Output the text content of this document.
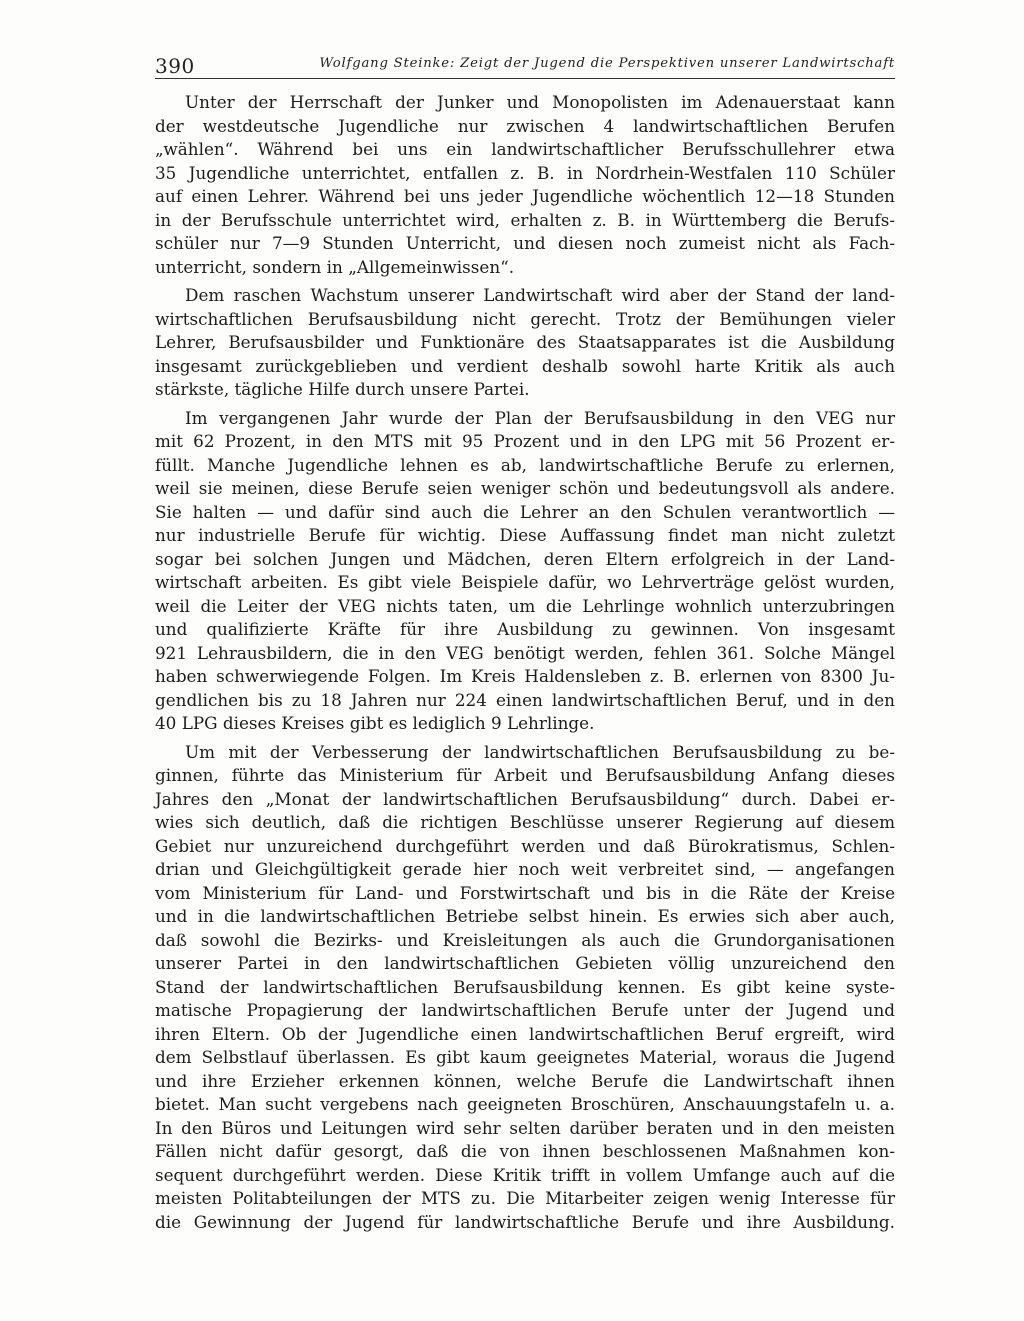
390	Wolfgang Steinke: Zeigt der Jugend die Perspektiven unserer Landwirtschaft
Unter der Herrschaft der Junker und Monopolisten im Adenauerstaat kann
der westdeutsche Jugendliche nur zwischen 4 landwirtschaftlichen Berufen
„wählen“. Während bei uns ein landwirtschaftlicher Berufsschullehrer etwa
35 Jugendliche unterrichtet, entfallen z. B. in Nordrhein-Westfalen 110 Schüler
auf einen Lehrer. Während bei uns jeder Jugendliche wöchentlich 12—18 Stunden
in der Berufsschule unterrichtet wird, erhalten z. B. in Württemberg die Berufs-
schüler nur 7—9 Stunden Unterricht, und diesen noch zumeist nicht als Fach-
unterricht, sondern in „Allgemeinwissen“.
Dem raschen Wachstum unserer Landwirtschaft wird aber der Stand der land-
wirtschaftlichen Berufsausbildung nicht gerecht. Trotz der Bemühungen vieler
Lehrer, Berufsausbilder und Funktionäre des Staatsapparates ist die Ausbildung
insgesamt zurückgeblieben und verdient deshalb sowohl harte Kritik als auch
stärkste, tägliche Hilfe durch unsere Partei.
Im vergangenen Jahr wurde der Plan der Berufsausbildung in den VEG nur
mit 62 Prozent, in den MTS mit 95 Prozent und in den LPG mit 56 Prozent er-
füllt. Manche Jugendliche lehnen es ab, landwirtschaftliche Berufe zu erlernen,
weil sie meinen, diese Berufe seien weniger schön und bedeutungsvoll als andere.
Sie halten — und dafür sind auch die Lehrer an den Schulen verantwortlich —
nur industrielle Berufe für wichtig. Diese Auffassung findet man nicht zuletzt
sogar bei solchen Jungen und Mädchen, deren Eltern erfolgreich in der Land-
wirtschaft arbeiten. Es gibt viele Beispiele dafür, wo Lehrverträge gelöst wurden,
weil die Leiter der VEG nichts taten, um die Lehrlinge wohnlich unterzubringen
und qualifizierte Kräfte für ihre Ausbildung zu gewinnen. Von insgesamt
921 Lehrausbildern, die in den VEG benötigt werden, fehlen 361. Solche Mängel
haben schwerwiegende Folgen. Im Kreis Haldensleben z. B. erlernen von 8300 Ju-
gendlichen bis zu 18 Jahren nur 224 einen landwirtschaftlichen Beruf, und in den
40 LPG dieses Kreises gibt es lediglich 9 Lehrlinge.
Um mit der Verbesserung der landwirtschaftlichen Berufsausbildung zu be-
ginnen, führte das Ministerium für Arbeit und Berufsausbildung Anfang dieses
Jahres den „Monat der landwirtschaftlichen Berufsausbildung“ durch. Dabei er-
wies sich deutlich, daß die richtigen Beschlüsse unserer Regierung auf diesem
Gebiet nur unzureichend durchgeführt werden und daß Bürokratismus, Schlen-
drian und Gleichgültigkeit gerade hier noch weit verbreitet sind, — angefangen
vom Ministerium für Land- und Forstwirtschaft und bis in die Räte der Kreise
und in die landwirtschaftlichen Betriebe selbst hinein. Es erwies sich aber auch,
daß sowohl die Bezirks- und Kreisleitungen als auch die Grundorganisationen
unserer Partei in den landwirtschaftlichen Gebieten völlig unzureichend den
Stand der landwirtschaftlichen Berufsausbildung kennen. Es gibt keine syste-
matische Propagierung der landwirtschaftlichen Berufe unter der Jugend und
ihren Eltern. Ob der Jugendliche einen landwirtschaftlichen Beruf ergreift, wird
dem Selbstlauf überlassen. Es gibt kaum geeignetes Material, woraus die Jugend
und ihre Erzieher erkennen können, welche Berufe die Landwirtschaft ihnen
bietet. Man sucht vergebens nach geeigneten Broschüren, Anschauungstafeln u. a.
In den Büros und Leitungen wird sehr selten darüber beraten und in den meisten
Fällen nicht dafür gesorgt, daß die von ihnen beschlossenen Maßnahmen kon-
sequent durchgeführt werden. Diese Kritik trifft in vollem Umfange auch auf die
meisten Politabteilungen der MTS zu. Die Mitarbeiter zeigen wenig Interesse für
die Gewinnung der Jugend für landwirtschaftliche Berufe und ihre Ausbildung.
